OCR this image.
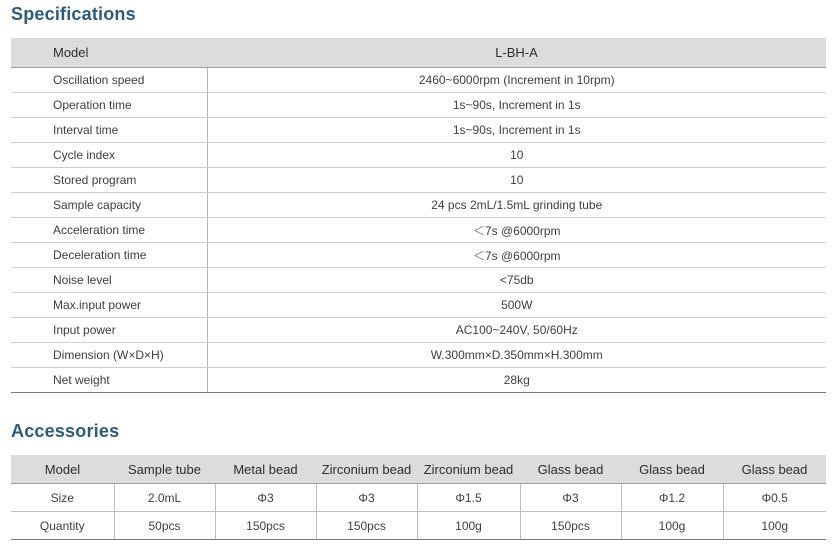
Specifications
Model	L-BH-A
Oscillation speed	2460~6000rpm (Increment in 10rpm)
Operation time	1s~90s, Increment in 1s
Interval time	1s~90s, Increment in 1s
Cycle index	10
Stored program	10
Sample capacity	24 pcs 2mL/1.5mL grinding tube
Acceleration time	＜7s @6000rpm
Deceleration time	＜7s @6000rpm
Noise level	<75db
Max.input power	500W
Input power	AC100~240V, 50/60Hz
Dimension (W×D×H)	W.300mm×D.350mm×H.300mm
Net weight	28kg
Accessories
Model	Sample tube	Metal bead	Zirconium bead	Zirconium bead	Glass bead	Glass bead	Glass bead
Size	2.0mL	Φ3	Φ3	Φ1.5	Φ3	Φ1.2	Φ0.5
Quantity	50pcs	150pcs	150pcs	100g	150pcs	100g	100g
